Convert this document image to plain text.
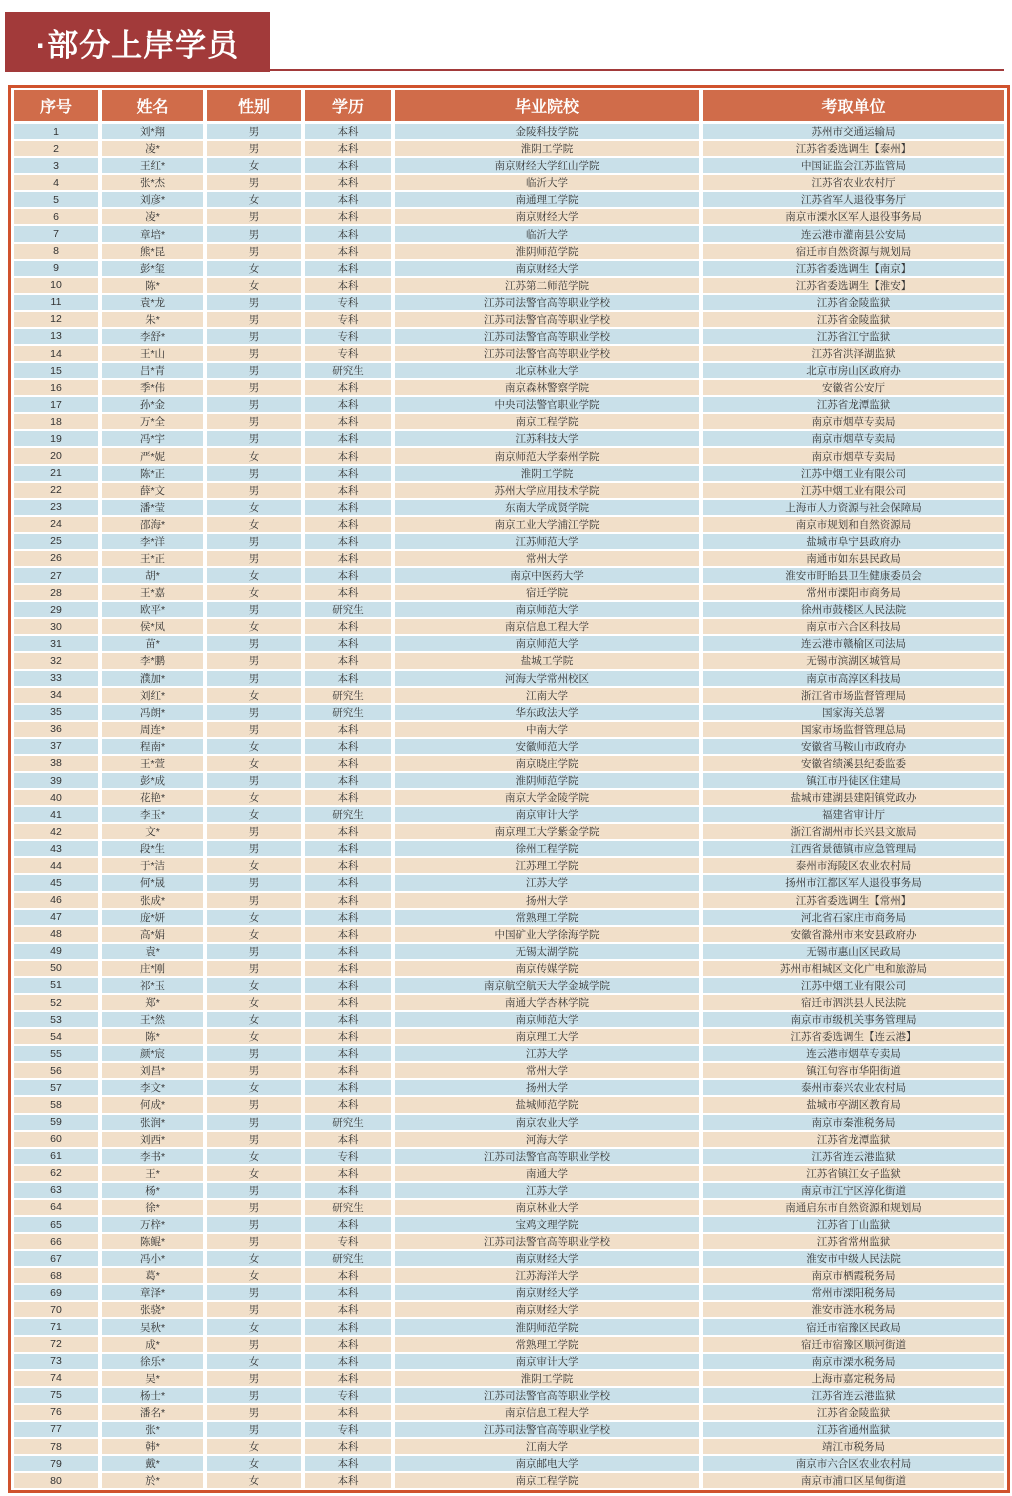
·部分上岸学员
序号	姓名	性别	学历	毕业院校	考取单位
1	刘*翔	男	本科	金陵科技学院	苏州市交通运输局
2	凌*	男	本科	淮阴工学院	江苏省委选调生【泰州】
3	王红*	女	本科	南京财经大学红山学院	中国证监会江苏监管局
4	张*杰	男	本科	临沂大学	江苏省农业农村厅
5	刘彦*	女	本科	南通理工学院	江苏省军人退役事务厅
6	凌*	男	本科	南京财经大学	南京市溧水区军人退役事务局
7	章培*	男	本科	临沂大学	连云港市灌南县公安局
8	熊*昆	男	本科	淮阴师范学院	宿迁市自然资源与规划局
9	彭*玺	女	本科	南京财经大学	江苏省委选调生【南京】
10	陈*	女	本科	江苏第二师范学院	江苏省委选调生【淮安】
11	袁*龙	男	专科	江苏司法警官高等职业学校	江苏省金陵监狱
12	朱*	男	专科	江苏司法警官高等职业学校	江苏省金陵监狱
13	李舒*	男	专科	江苏司法警官高等职业学校	江苏省江宁监狱
14	王*山	男	专科	江苏司法警官高等职业学校	江苏省洪泽湖监狱
15	吕*青	男	研究生	北京林业大学	北京市房山区政府办
16	季*伟	男	本科	南京森林警察学院	安徽省公安厅
17	孙*金	男	本科	中央司法警官职业学院	江苏省龙潭监狱
18	万*全	男	本科	南京工程学院	南京市烟草专卖局
19	冯*宇	男	本科	江苏科技大学	南京市烟草专卖局
20	严*妮	女	本科	南京师范大学泰州学院	南京市烟草专卖局
21	陈*正	男	本科	淮阴工学院	江苏中烟工业有限公司
22	薛*文	男	本科	苏州大学应用技术学院	江苏中烟工业有限公司
23	潘*莹	女	本科	东南大学成贤学院	上海市人力资源与社会保障局
24	邵海*	女	本科	南京工业大学浦江学院	南京市规划和自然资源局
25	李*洋	男	本科	江苏师范大学	盐城市阜宁县政府办
26	王*正	男	本科	常州大学	南通市如东县民政局
27	胡*	女	本科	南京中医药大学	淮安市盱眙县卫生健康委员会
28	王*嘉	女	本科	宿迁学院	常州市溧阳市商务局
29	欧平*	男	研究生	南京师范大学	徐州市鼓楼区人民法院
30	侯*凤	女	本科	南京信息工程大学	南京市六合区科技局
31	苗*	男	本科	南京师范大学	连云港市赣榆区司法局
32	李*鹏	男	本科	盐城工学院	无锡市滨湖区城管局
33	濮加*	男	本科	河海大学常州校区	南京市高淳区科技局
34	刘红*	女	研究生	江南大学	浙江省市场监督管理局
35	冯朗*	男	研究生	华东政法大学	国家海关总署
36	周连*	男	本科	中南大学	国家市场监督管理总局
37	程南*	女	本科	安徽师范大学	安徽省马鞍山市政府办
38	王*萱	女	本科	南京晓庄学院	安徽省绩溪县纪委监委
39	彭*成	男	本科	淮阴师范学院	镇江市丹徒区住建局
40	花艳*	女	本科	南京大学金陵学院	盐城市建湖县建阳镇党政办
41	李玉*	女	研究生	南京审计大学	福建省审计厅
42	文*	男	本科	南京理工大学紫金学院	浙江省湖州市长兴县文旅局
43	段*生	男	本科	徐州工程学院	江西省景德镇市应急管理局
44	于*洁	女	本科	江苏理工学院	泰州市海陵区农业农村局
45	何*晟	男	本科	江苏大学	扬州市江都区军人退役事务局
46	张成*	男	本科	扬州大学	江苏省委选调生【常州】
47	庞*妍	女	本科	常熟理工学院	河北省石家庄市商务局
48	高*娟	女	本科	中国矿业大学徐海学院	安徽省滁州市来安县政府办
49	袁*	男	本科	无锡太湖学院	无锡市惠山区民政局
50	庄*刚	男	本科	南京传媒学院	苏州市相城区文化广电和旅游局
51	祁*玉	女	本科	南京航空航天大学金城学院	江苏中烟工业有限公司
52	郑*	女	本科	南通大学杏林学院	宿迁市泗洪县人民法院
53	王*然	女	本科	南京师范大学	南京市市级机关事务管理局
54	陈*	女	本科	南京理工大学	江苏省委选调生【连云港】
55	颜*宸	男	本科	江苏大学	连云港市烟草专卖局
56	刘昌*	男	本科	常州大学	镇江句容市华阳街道
57	李文*	女	本科	扬州大学	泰州市泰兴农业农村局
58	何成*	男	本科	盐城师范学院	盐城市亭湖区教育局
59	张润*	男	研究生	南京农业大学	南京市秦淮税务局
60	刘西*	男	本科	河海大学	江苏省龙潭监狱
61	李书*	女	专科	江苏司法警官高等职业学校	江苏省连云港监狱
62	王*	女	本科	南通大学	江苏省镇江女子监狱
63	杨*	男	本科	江苏大学	南京市江宁区淳化街道
64	徐*	男	研究生	南京林业大学	南通启东市自然资源和规划局
65	万梓*	男	本科	宝鸡文理学院	江苏省丁山监狱
66	陈鲲*	男	专科	江苏司法警官高等职业学校	江苏省常州监狱
67	冯小*	女	研究生	南京财经大学	淮安市中级人民法院
68	葛*	女	本科	江苏海洋大学	南京市栖霞税务局
69	章泽*	男	本科	南京财经大学	常州市溧阳税务局
70	张骁*	男	本科	南京财经大学	淮安市涟水税务局
71	吴秋*	女	本科	淮阴师范学院	宿迁市宿豫区民政局
72	成*	男	本科	常熟理工学院	宿迁市宿豫区顺河街道
73	徐乐*	女	本科	南京审计大学	南京市溧水税务局
74	吴*	男	本科	淮阴工学院	上海市嘉定税务局
75	杨士*	男	专科	江苏司法警官高等职业学校	江苏省连云港监狱
76	潘名*	男	本科	南京信息工程大学	江苏省金陵监狱
77	张*	男	专科	江苏司法警官高等职业学校	江苏省通州监狱
78	韩*	女	本科	江南大学	靖江市税务局
79	戴*	女	本科	南京邮电大学	南京市六合区农业农村局
80	於*	女	本科	南京工程学院	南京市浦口区星甸街道
